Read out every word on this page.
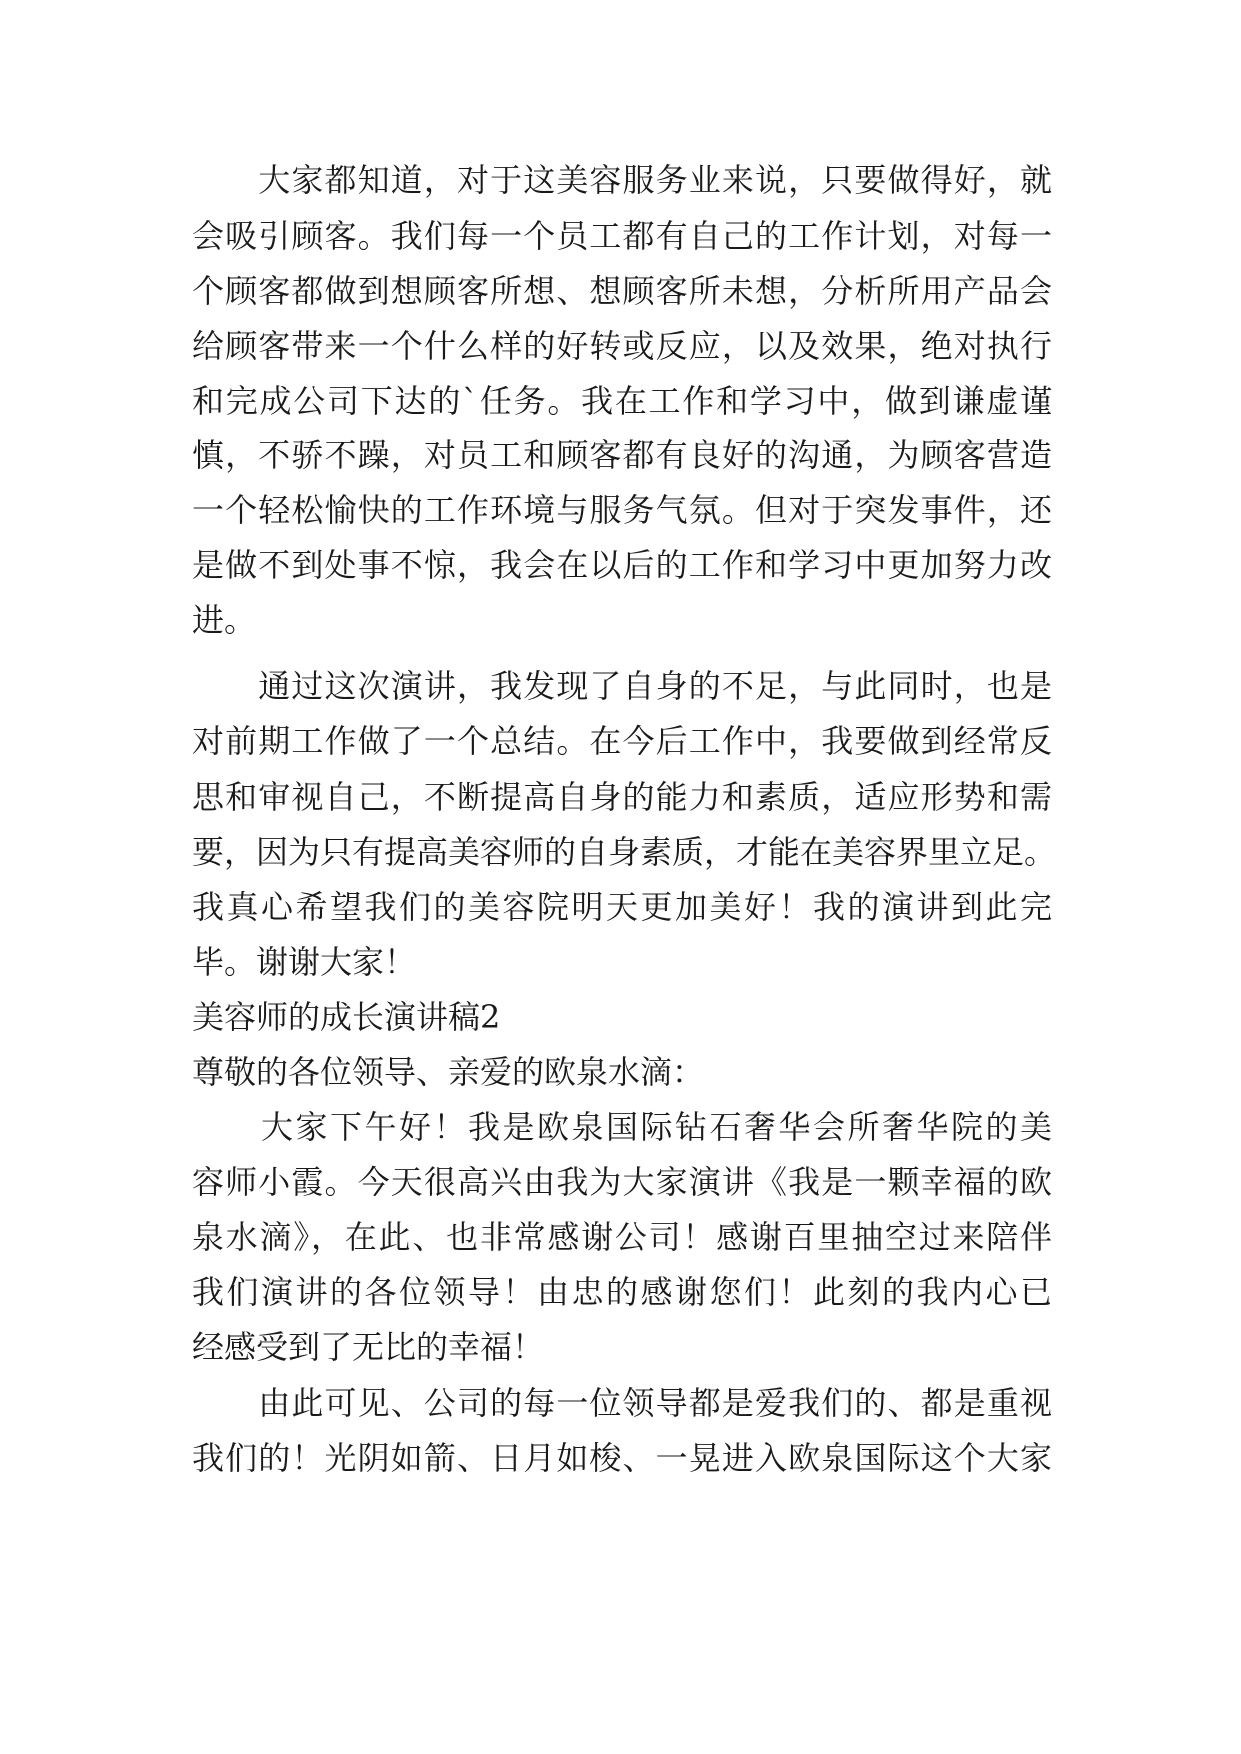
　　大家都知道，对于这美容服务业来说，只要做得好，就
会吸引顾客。我们每一个员工都有自己的工作计划，对每一
个顾客都做到想顾客所想、想顾客所未想，分析所用产品会
给顾客带来一个什么样的好转或反应，以及效果，绝对执行
和完成公司下达的`任务。我在工作和学习中，做到谦虚谨
慎，不骄不躁，对员工和顾客都有良好的沟通，为顾客营造
一个轻松愉快的工作环境与服务气氛。但对于突发事件，还
是做不到处事不惊，我会在以后的工作和学习中更加努力改
进。
　　通过这次演讲，我发现了自身的不足，与此同时，也是
对前期工作做了一个总结。在今后工作中，我要做到经常反
思和审视自己，不断提高自身的能力和素质，适应形势和需
要，因为只有提高美容师的自身素质，才能在美容界里立足。
我真心希望我们的美容院明天更加美好！我的演讲到此完
毕。谢谢大家！
美容师的成长演讲稿2
尊敬的各位领导、亲爱的欧泉水滴：
　　大家下午好！我是欧泉国际钻石奢华会所奢华院的美
容师小霞。今天很高兴由我为大家演讲《我是一颗幸福的欧
泉水滴》，在此、也非常感谢公司！感谢百里抽空过来陪伴
我们演讲的各位领导！由忠的感谢您们！此刻的我内心已
经感受到了无比的幸福！
　　由此可见、公司的每一位领导都是爱我们的、都是重视
我们的！光阴如箭、日月如梭、一晃进入欧泉国际这个大家
